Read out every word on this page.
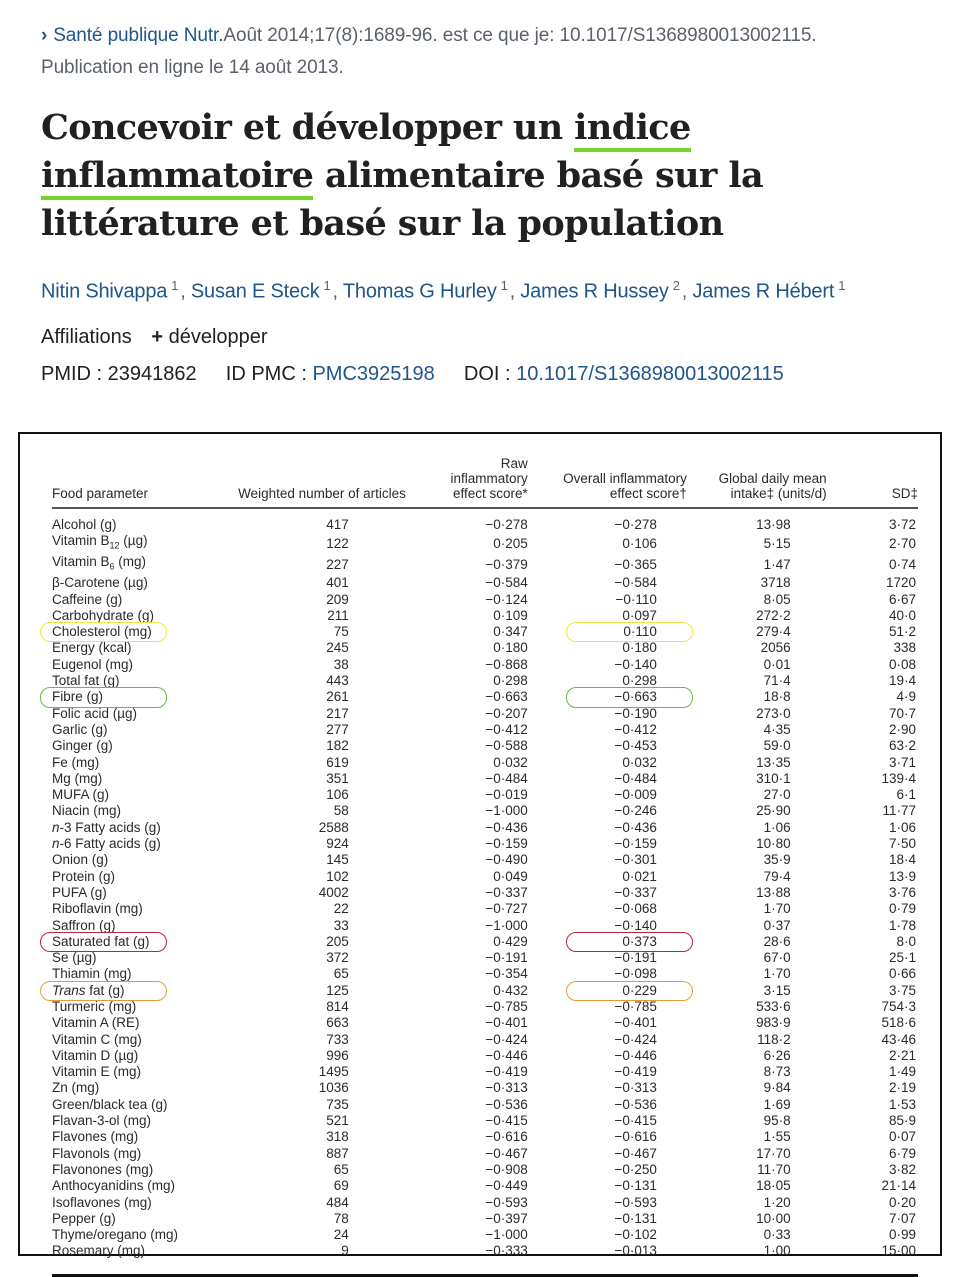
› Santé publique Nutr.Août 2014;17(8):1689-96. est ce que je: 10.1017/S1368980013002115.
Publication en ligne le 14 août 2013.
Concevoir et développer un indice inflammatoire alimentaire basé sur la littérature et basé sur la population
Nitin Shivappa $^1$ , Susan E Steck $^1$ , Thomas G Hurley $^1$ , James R Hussey $^2$ , James R Hébert $^1$
Affiliations + développer
PMID : 23941862 ID PMC : PMC3925198 DOI : 10.1017/S1368980013002115
Food parameter	Weighted number of articles	Raw inflammatory effect score*	Overall inflammatory effect score†	Global daily mean intake‡ (units/d)	SD‡
Alcohol (g)	417	−0·278	−0·278	13·98	3·72
Vitamin $B_{12}$ (µg)	122	0·205	0·106	5·15	2·70
Vitamin $B_6$ (mg)	227	−0·379	−0·365	1·47	0·74
β-Carotene (µg)	401	−0·584	−0·584	3718	1720
Caffeine (g)	209	−0·124	−0·110	8·05	6·67
Carbohydrate (g)	211	0·109	0·097	272·2	40·0
Cholesterol (mg)	75	0·347	0·110	279·4	51·2
Energy (kcal)	245	0·180	0·180	2056	338
Eugenol (mg)	38	−0·868	−0·140	0·01	0·08
Total fat (g)	443	0·298	0·298	71·4	19·4
Fibre (g)	261	−0·663	−0·663	18·8	4·9
Folic acid (µg)	217	−0·207	−0·190	273·0	70·7
Garlic (g)	277	−0·412	−0·412	4·35	2·90
Ginger (g)	182	−0·588	−0·453	59·0	63·2
Fe (mg)	619	0·032	0·032	13·35	3·71
Mg (mg)	351	−0·484	−0·484	310·1	139·4
MUFA (g)	106	−0·019	−0·009	27·0	6·1
Niacin (mg)	58	−1·000	−0·246	25·90	11·77
n-3 Fatty acids (g)	2588	−0·436	−0·436	1·06	1·06
n-6 Fatty acids (g)	924	−0·159	−0·159	10·80	7·50
Onion (g)	145	−0·490	−0·301	35·9	18·4
Protein (g)	102	0·049	0·021	79·4	13·9
PUFA (g)	4002	−0·337	−0·337	13·88	3·76
Riboflavin (mg)	22	−0·727	−0·068	1·70	0·79
Saffron (g)	33	−1·000	−0·140	0·37	1·78
Saturated fat (g)	205	0·429	0·373	28·6	8·0
Se (µg)	372	−0·191	−0·191	67·0	25·1
Thiamin (mg)	65	−0·354	−0·098	1·70	0·66
Trans fat (g)	125	0·432	0·229	3·15	3·75
Turmeric (mg)	814	−0·785	−0·785	533·6	754·3
Vitamin A (RE)	663	−0·401	−0·401	983·9	518·6
Vitamin C (mg)	733	−0·424	−0·424	118·2	43·46
Vitamin D (µg)	996	−0·446	−0·446	6·26	2·21
Vitamin E (mg)	1495	−0·419	−0·419	8·73	1·49
Zn (mg)	1036	−0·313	−0·313	9·84	2·19
Green/black tea (g)	735	−0·536	−0·536	1·69	1·53
Flavan-3-ol (mg)	521	−0·415	−0·415	95·8	85·9
Flavones (mg)	318	−0·616	−0·616	1·55	0·07
Flavonols (mg)	887	−0·467	−0·467	17·70	6·79
Flavonones (mg)	65	−0·908	−0·250	11·70	3·82
Anthocyanidins (mg)	69	−0·449	−0·131	18·05	21·14
Isoflavones (mg)	484	−0·593	−0·593	1·20	0·20
Pepper (g)	78	−0·397	−0·131	10·00	7·07
Thyme/oregano (mg)	24	−1·000	−0·102	0·33	0·99
Rosemary (mg)	9	−0·333	−0·013	1·00	15·00
